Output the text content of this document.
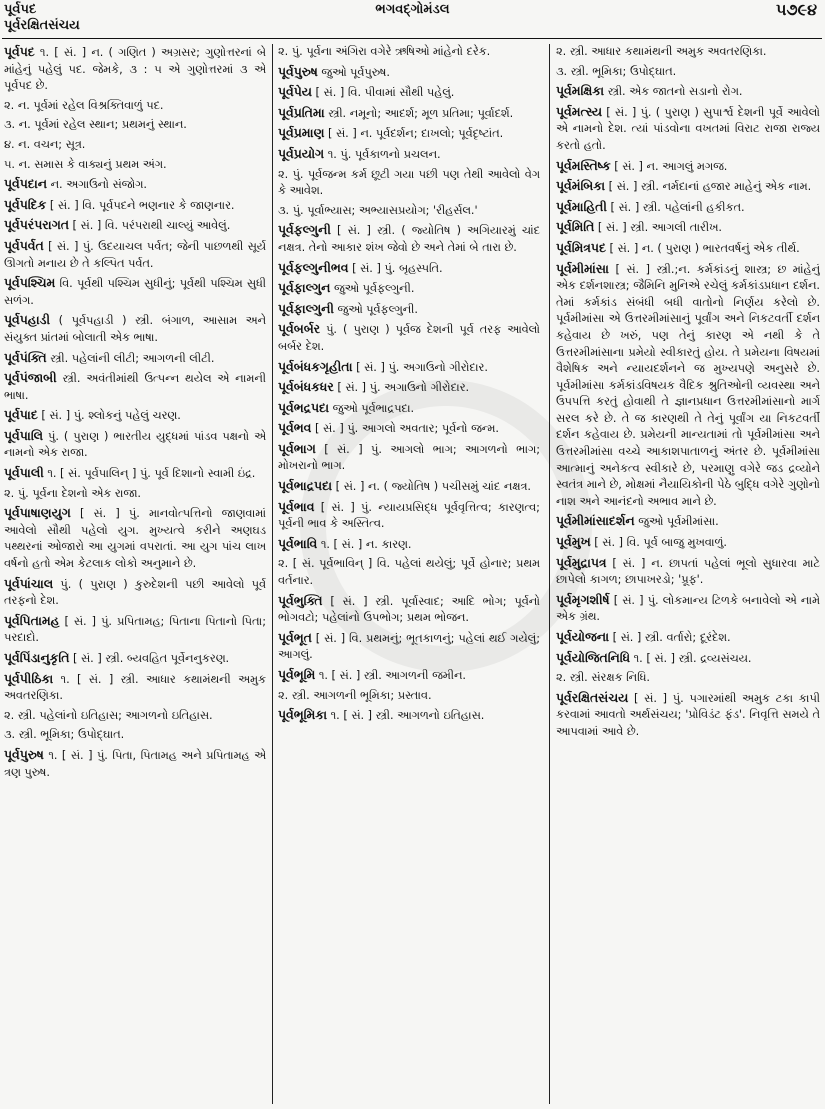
ભગવદ્ગોમંડલ
પૂર્વપદ	૫૭૯૪
પૂર્વરક્ષિતસંચય

પૂર્વપદ ૧. [ સં. ] ન. ( ગણિત ) અગ્રસર; ગુણોત્તરનાં બે માંહેનું પહેલું પદ. જેમકે, ૩ : ૫ એ ગુણોત્તરમાં ૩ એ પૂર્વપદ છે.

૨. ન. પૂર્વમાં રહેલ વિશ્રક્તિવાળું પદ.

૩. ન. પૂર્વમાં રહેલ સ્થાન; પ્રથમનું સ્થાન.

૪. ન. વચન; સૂત્ર.

૫. ન. સમાસ કે વાક્યનું પ્રથમ અંગ.

પૂર્વપદાન ન. અગાઉનો સંજોગ.

પૂર્વપદિક [ સં. ] વિ. પૂર્વપદને ભણનાર કે જાણનાર.

પૂર્વપરંપરાગત [ સં. ] વિ. પરંપરાથી ચાલ્યું આવેલું.

પૂર્વપર્વત [ સં. ] પું. ઉદયાચલ પર્વત; જેની પાછળથી સૂર્ય ઊગતો મનાય છે તે કલ્પિત પર્વત.

પૂર્વપશ્ચિમ વિ. પૂર્વથી પશ્ચિમ સુધીનું; પૂર્વથી પશ્ચિમ સુધી સળંગ.

પૂર્વપહાડી ( પૂર્વપહાડી ) સ્ત્રી. બંગાળ, આસામ અને સંયુક્ત પ્રાંતમાં બોલાતી એક ભાષા.

પૂર્વપંક્તિ સ્ત્રી. પહેલાંની લીટી; આગળની લીટી.

પૂર્વપંજાબી સ્ત્રી. અવંતીમાંથી ઉત્પન્ન થયેલ એ નામની ભાષા.

પૂર્વપાદ [ સં. ] પું. શ્લોકનું પહેલું ચરણ.

પૂર્વપાલિ પું. ( પુરાણ ) ભારતીય યુદ્ધમાં પાંડવ પક્ષનો એ નામનો એક રાજા.

પૂર્વપાલી ૧. [ સં. પૂર્વપાલિન્ ] પું. પૂર્વ દિશાનો સ્વામી ઇંદ્ર.

૨. પું. પૂર્વના દેશનો એક રાજા.

પૂર્વપાષાણયુગ [ સં. ] પું. માનવોત્પત્તિનો જાણવામાં આવેલો સૌથી પહેલો યુગ. મુખ્યત્વે કરીને અણઘડ પથ્થરનાં ઓજારો આ યુગમાં વપરાતાં. આ યુગ પાંચ લાખ વર્ષનો હતો એમ કેટલાક લોકો અનુમાને છે.

પૂર્વપાંચાલ પું. ( પુરાણ ) કુરુદેશની પછી આવેલો પૂર્વ તરફનો દેશ.

પૂર્વપિતામહ [ સં. ] પું. પ્રપિતામહ; પિતાના પિતાનો પિતા; પરદાદો.

પૂર્વપિંડાનુકૃતિ [ સં. ] સ્ત્રી. બ્યવહિત પૂર્વેનનુકરણ.

પૂર્વપીઠિકા ૧. [ સં. ] સ્ત્રી. આધાર કથામંથની અમુક અવતરણિકા.

૨. સ્ત્રી. પહેલાંનો ઇતિહાસ; આગળનો ઇતિહાસ.

૩. સ્ત્રી. ભૂમિકા; ઉપોદ્ઘાત.

પૂર્વપુરુષ ૧. [ સં. ] પું. પિતા, પિતામહ અને પ્રપિતામહ એ ત્રણ પુરુષ.

૨. પું. પૂર્વના અંગિરા વગેરે ઋષિઓ માંહેનો દરેક.

પૂર્વપુરુષ જુઓ પૂર્વપુરુષ.

પૂર્વપેય [ સં. ] વિ. પીવામાં સૌથી પહેલું.

પૂર્વપ્રતિમા સ્ત્રી. નમૂનો; આદર્શ; મૂળ પ્રતિમા; પૂર્વાદર્શ.

પૂર્વપ્રમાણ [ સં. ] ન. પૂર્વદર્શન; દાખલો; પૂર્વદૃષ્ટાંત.

પૂર્વપ્રયોગ ૧. પું. પૂર્વકાળનો પ્રચલન.

૨. પું. પૂર્વજન્મ કર્મ છૂટી ગયા પછી પણ તેથી આવેલો વેગ કે આવેશ.

૩. પું. પૂર્વાભ્યાસ; અભ્યાસપ્રયોગ; 'રીહર્સલ.'

પૂર્વફલ્ગુની [ સં. ] સ્ત્રી. ( જ્યોતિષ ) અગિયારમું ચાંદ નક્ષત્ર. તેનો આકાર શંખ જેવો છે અને તેમાં બે તારા છે.

પૂર્વફલ્ગુનીભવ [ સં. ] પું. બૃહસ્પતિ.

પૂર્વફાલ્ગુન જુઓ પૂર્વફલ્ગુની.

પૂર્વફાલ્ગુની જુઓ પૂર્વફલ્ગુની.

પૂર્વબર્બર પું. ( પુરાણ ) પૂર્વજ દેશની પૂર્વ તરફ આવેલો બર્બર દેશ.

પૂર્વબંધકગૃહીતા [ સં. ] પું. અગાઉનો ગીરોદાર.

પૂર્વબંધકધર [ સં. ] પું. અગાઉનો ગીરોદાર.

પૂર્વભદ્રપદા જુઓ પૂર્વભાદ્રપદા.

પૂર્વભવ [ સં. ] પું. આગલો અવતાર; પૂર્વનો જન્મ.

પૂર્વભાગ [ સં. ] પું. આગલો ભાગ; આગળનો ભાગ; મોખરાનો ભાગ.

પૂર્વભાદ્રપદા [ સં. ] ન. ( જ્યોતિષ ) પચીસમું ચાંદ નક્ષત્ર.

પૂર્વભાવ [ સં. ] પું. ન્યાયપ્રસિદ્ધ પૂર્વવૃત્તિત્વ; કારણત્વ; પૂર્વની ભાવ કે અસ્તિત્વ.

પૂર્વભાવિ ૧. [ સં. ] ન. કારણ.

૨. [ સં. પૂર્વભાવિન્ ] વિ. પહેલાં થયેલું; પૂર્વે હોનાર; પ્રથમ વર્તનાર.

પૂર્વભુક્તિ [ સં. ] સ્ત્રી. પૂર્વાસ્વાદ; આદિ ભોગ; પૂર્વનો ભોગવટો; પહેલાંનો ઉપભોગ; પ્રથમ ભોજન.

પૂર્વભૂત [ સં. ] વિ. પ્રથમનું; ભૂતકાળનું; પહેલાં થઈ ગયેલું; આગલું.

પૂર્વભૂમિ ૧. [ સં. ] સ્ત્રી. આગળની જમીન.

૨. સ્ત્રી. આગળની ભૂમિકા; પ્રસ્તાવ.

પૂર્વભૂમિકા ૧. [ સં. ] સ્ત્રી. આગળનો ઇતિહાસ.

૨. સ્ત્રી. આધાર કથામંથની અમુક અવતરણિકા.

૩. સ્ત્રી. ભૂમિકા; ઉપોદ્ઘાત.

પૂર્વમક્ષિકા સ્ત્રી. એક જાતનો સડાનો રોગ.

પૂર્વમત્સ્ય [ સં. ] પું. ( પુરાણ ) સુપાર્શ્વ દેશની પૂર્વે આવેલો એ નામનો દેશ. ત્યાં પાંડવોના વખતમાં વિરાટ રાજા રાજ્ય કરતો હતો.

પૂર્વમસ્તિષ્ક [ સં. ] ન. આગલું મગજ.

પૂર્વમંબિકા [ સં. ] સ્ત્રી. નર્મદાનાં હજાર માહેનું એક નામ.

પૂર્વમાહિતી [ સં. ] સ્ત્રી. પહેલાંની હકીકત.

પૂર્વમિતિ [ સં. ] સ્ત્રી. આગલી તારીખ.

પૂર્વમિત્રપદ [ સં. ] ન. ( પુરાણ ) ભારતવર્ષનું એક તીર્થ.

પૂર્વમીમાંસા [ સં. ] સ્ત્રી.;ન. કર્મકાંડનું શાસ્ત્ર; છ માંહેનું એક દર્શનશાસ્ત્ર; જૈમિનિ મુનિએ રચેલું કર્મકાંડપ્રધાન દર્શન. તેમાં કર્મકાંડ સંબંધી બધી વાતોનો નિર્ણય કરેલો છે. પૂર્વમીમાંસા એ ઉત્તરમીમાંસાનું પૂર્વાંગ અને નિકટવર્તી દર્શન કહેવાય છે ખરું, પણ તેનું કારણ એ નથી કે તે ઉત્તરમીમાંસાના પ્રમેયો સ્વીકારતું હોય. તે પ્રમેયના વિષયમાં વૈશેષિક અને ન્યાયદર્શનને જ મુખ્યપણે અનુસરે છે. પૂર્વમીમાંસા કર્મકાંડવિષયક વૈદિક શ્રુતિઓની વ્યવસ્થા અને ઉપપત્તિ કરતું હોવાથી તે જ્ઞાનપ્રધાન ઉત્તરમીમાંસાનો માર્ગ સરલ કરે છે. તે જ કારણથી તે તેનું પૂર્વાંગ યા નિકટવર્તી દર્શન કહેવાય છે. પ્રમેયની માન્યતામાં તો પૂર્વમીમાંસા અને ઉત્તરમીમાંસા વચ્ચે આકાશપાતાળનું અંતર છે. પૂર્વમીમાંસા આત્માનું અનેકત્વ સ્વીકારે છે, પરમાણુ વગેરે જડ દ્રવ્યોને સ્વતંત્ર માને છે, મોક્ષમાં નૈયાયિકોની પેઠે બુદ્ધિ વગેરે ગુણોનો નાશ અને આનંદનો અભાવ માને છે.

પૂર્વમીમાંસાદર્શન જુઓ પૂર્વમીમાંસા.

પૂર્વમુખ [ સં. ] વિ. પૂર્વ બાજુ મુખવાળું.

પૂર્વમુદ્રાપત્ર [ સં. ] ન. છાપતાં પહેલાં ભૂલો સુધારવા માટે છાપેલો કાગળ; છાપાખરડો; 'પ્રૂફ'.

પૂર્વમૃગશીર્ષ [ સં. ] પું. લોકમાન્ય ટિળકે બનાવેલો એ નામે એક ગ્રંથ.

પૂર્વયોજના [ સં. ] સ્ત્રી. વર્તારો; દૂરંદેશ.

પૂર્વયોજિતનિધિ ૧. [ સં. ] સ્ત્રી. દ્રવ્યસંચય.

૨. સ્ત્રી. સંરક્ષક નિધિ.

પૂર્વરક્ષિતસંચય [ સં. ] પું. પગારમાંથી અમુક ટકા કાપી કરવામાં આવતો અર્થસંચય; 'પ્રોવિડંટ ફંડ'. નિવૃત્તિ સમયે તે આપવામાં આવે છે.
